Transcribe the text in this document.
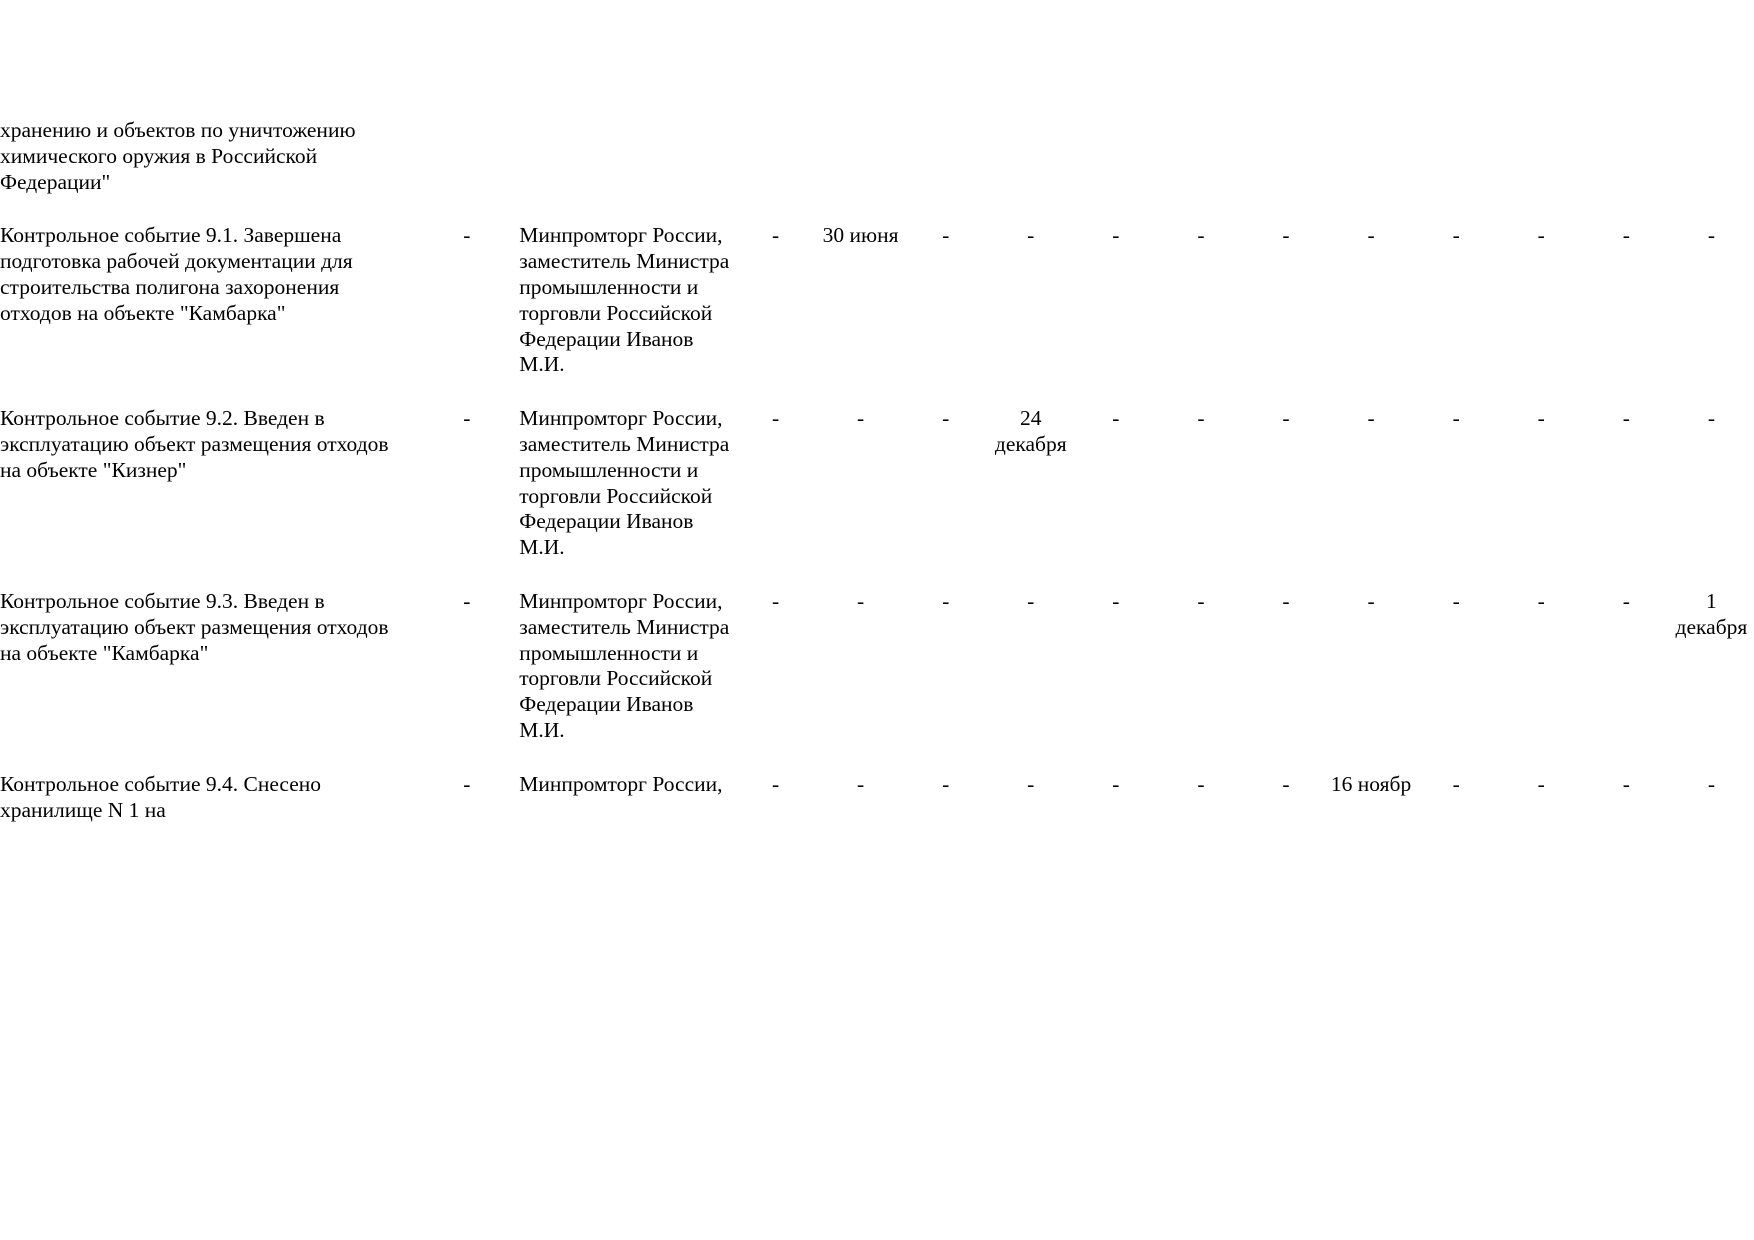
хранению и объектов по уничтожению химического оружия в Российской Федерации"														

Контрольное событие 9.1. Завершена подготовка рабочей документации для строительства полигона захоронения отходов на объекте "Камбарка"	-	Минпромторг России, заместитель Министра промышленности и торговли Российской Федерации Иванов М.И.	-	30 июня	-	-	-	-	-	-	-	-	-	-

Контрольное событие 9.2. Введен в эксплуатацию объект размещения отходов на объекте "Кизнер"	-	Минпромторг России, заместитель Министра промышленности и торговли Российской Федерации Иванов М.И.	-	-	-	24 декабря	-	-	-	-	-	-	-	-

Контрольное событие 9.3. Введен в эксплуатацию объект размещения отходов на объекте "Камбарка"	-	Минпромторг России, заместитель Министра промышленности и торговли Российской Федерации Иванов М.И.	-	-	-	-	-	-	-	-	-	-	-	1 декабря

Контрольное событие 9.4. Снесено хранилище N 1 на	-	Минпромторг России,	-	-	-	-	-	-	-	16 ноябр	-	-	-	-
